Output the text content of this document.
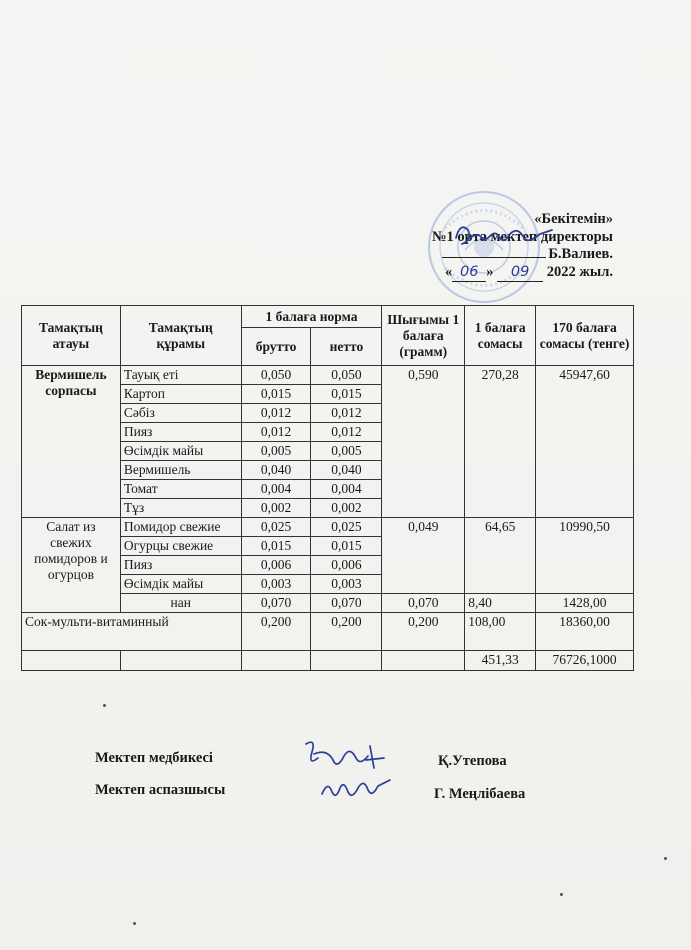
«Бекітемін»
№1 орта мектеп директоры
Б.Валиев.
« 06 » 09 2022 жыл.
Тамақтың атауы	Тамақтың құрамы	1 балаға норма		Шығымы 1 балаға (грамм)	1 балаға сомасы	170 балаға сомасы (тенге)
		брутто	нетто			
Вермишель сорпасы	Тауық еті	0,050	0,050	0,590	270,28	45947,60
	Картоп	0,015	0,015			
	Сәбіз	0,012	0,012			
	Пияз	0,012	0,012			
	Өсімдік майы	0,005	0,005			
	Вермишель	0,040	0,040			
	Томат	0,004	0,004			
	Тұз	0,002	0,002			
Салат из свежих помидоров и огурцов	Помидор свежие	0,025	0,025	0,049	64,65	10990,50
	Огурцы свежие	0,015	0,015			
	Пияз	0,006	0,006			
	Өсімдік майы	0,003	0,003			
	нан	0,070	0,070	0,070	8,40	1428,00
Сок-мульти-витаминный		0,200	0,200	0,200	108,00	18360,00
					451,33	76726,1000
Мектеп медбикесі	Қ.Утепова
Мектеп аспазшысы	Г. Меңлібаева
